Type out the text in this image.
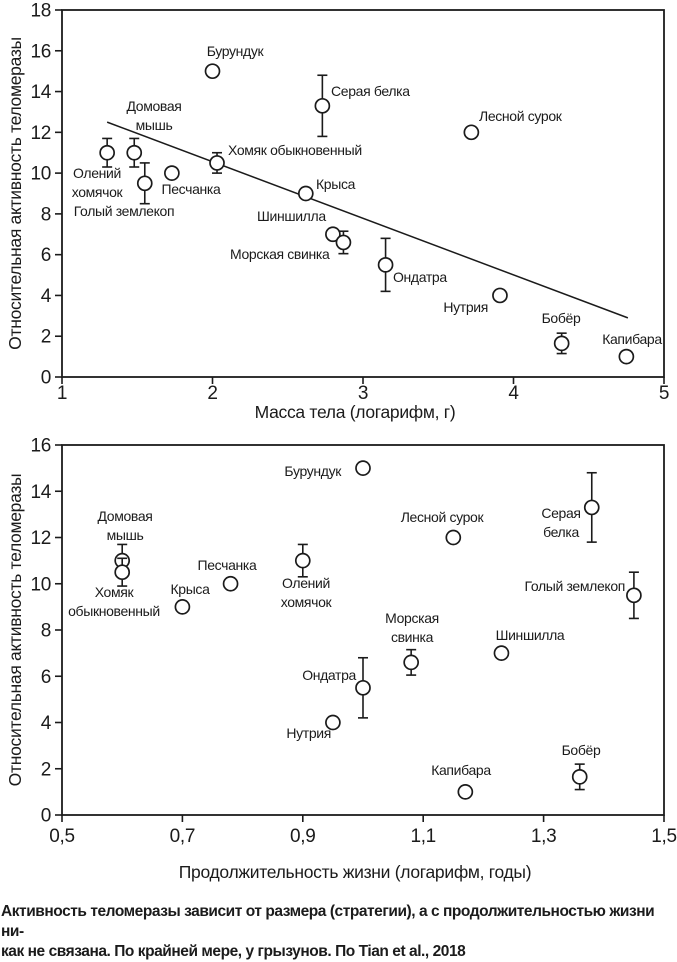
1	2	3	4	5
0
2
4
6
8
10
12
14
16
18
Масса тела (логарифм, г)
Относительная активность теломеразы	Олений
хомячок
Домовая
мышь
Голый землекоп
Песчанка
Бурундук
Хомяк обыкновенный
Крыса
Серая белка
Шиншилла
Морская свинка
Ондатра
Лесной сурок
Нутрия
Бобёр
Капибара
0,5	0,7	0,9	1,1	1,3	1,5
0
2
4
6
8
10
12
14
16
Продолжительность жизни (логарифм, годы)
Относительная активность теломеразы	Домовая
мышь
Хомяк
обыкновенный
Крыса
Песчанка
Олений
хомячок
Бурундук
Лесной сурок	Серая
белка
Голый землекоп
Морская
свинка	Шиншилла
Ондатра
Нутрия
Капибара
Бобёр

Активность теломеразы зависит от размера (стратегии), а с продолжительностью жизни ни-
как не связана. По крайней мере, у грызунов. По Tian et al., 2018
